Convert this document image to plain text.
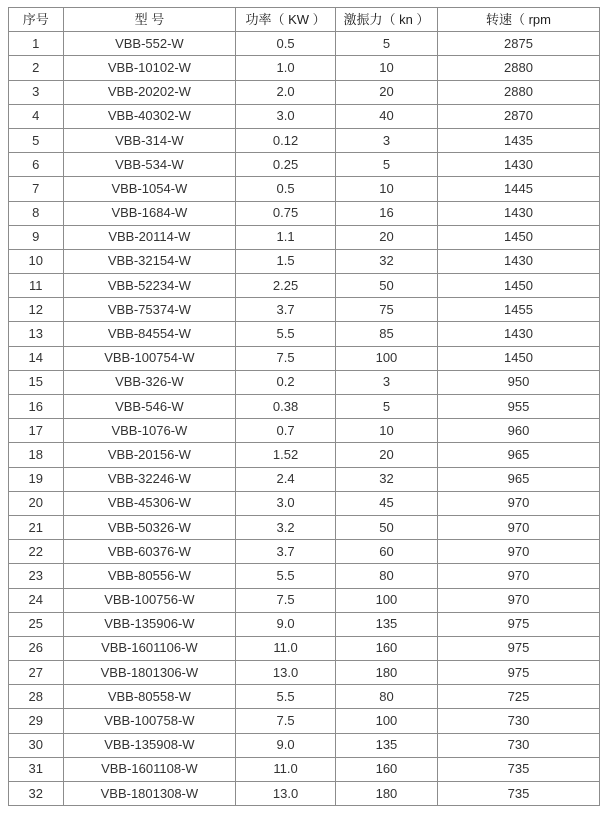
序号	型 号	功率（ KW ）	激振力（ kn ）	转速（ rpm
1	VBB-552-W	0.5	5	2875
2	VBB-10102-W	1.0	10	2880
3	VBB-20202-W	2.0	20	2880
4	VBB-40302-W	3.0	40	2870
5	VBB-314-W	0.12	3	1435
6	VBB-534-W	0.25	5	1430
7	VBB-1054-W	0.5	10	1445
8	VBB-1684-W	0.75	16	1430
9	VBB-20114-W	1.1	20	1450
10	VBB-32154-W	1.5	32	1430
11	VBB-52234-W	2.25	50	1450
12	VBB-75374-W	3.7	75	1455
13	VBB-84554-W	5.5	85	1430
14	VBB-100754-W	7.5	100	1450
15	VBB-326-W	0.2	3	950
16	VBB-546-W	0.38	5	955
17	VBB-1076-W	0.7	10	960
18	VBB-20156-W	1.52	20	965
19	VBB-32246-W	2.4	32	965
20	VBB-45306-W	3.0	45	970
21	VBB-50326-W	3.2	50	970
22	VBB-60376-W	3.7	60	970
23	VBB-80556-W	5.5	80	970
24	VBB-100756-W	7.5	100	970
25	VBB-135906-W	9.0	135	975
26	VBB-1601106-W	11.0	160	975
27	VBB-1801306-W	13.0	180	975
28	VBB-80558-W	5.5	80	725
29	VBB-100758-W	7.5	100	730
30	VBB-135908-W	9.0	135	730
31	VBB-1601108-W	11.0	160	735
32	VBB-1801308-W	13.0	180	735
